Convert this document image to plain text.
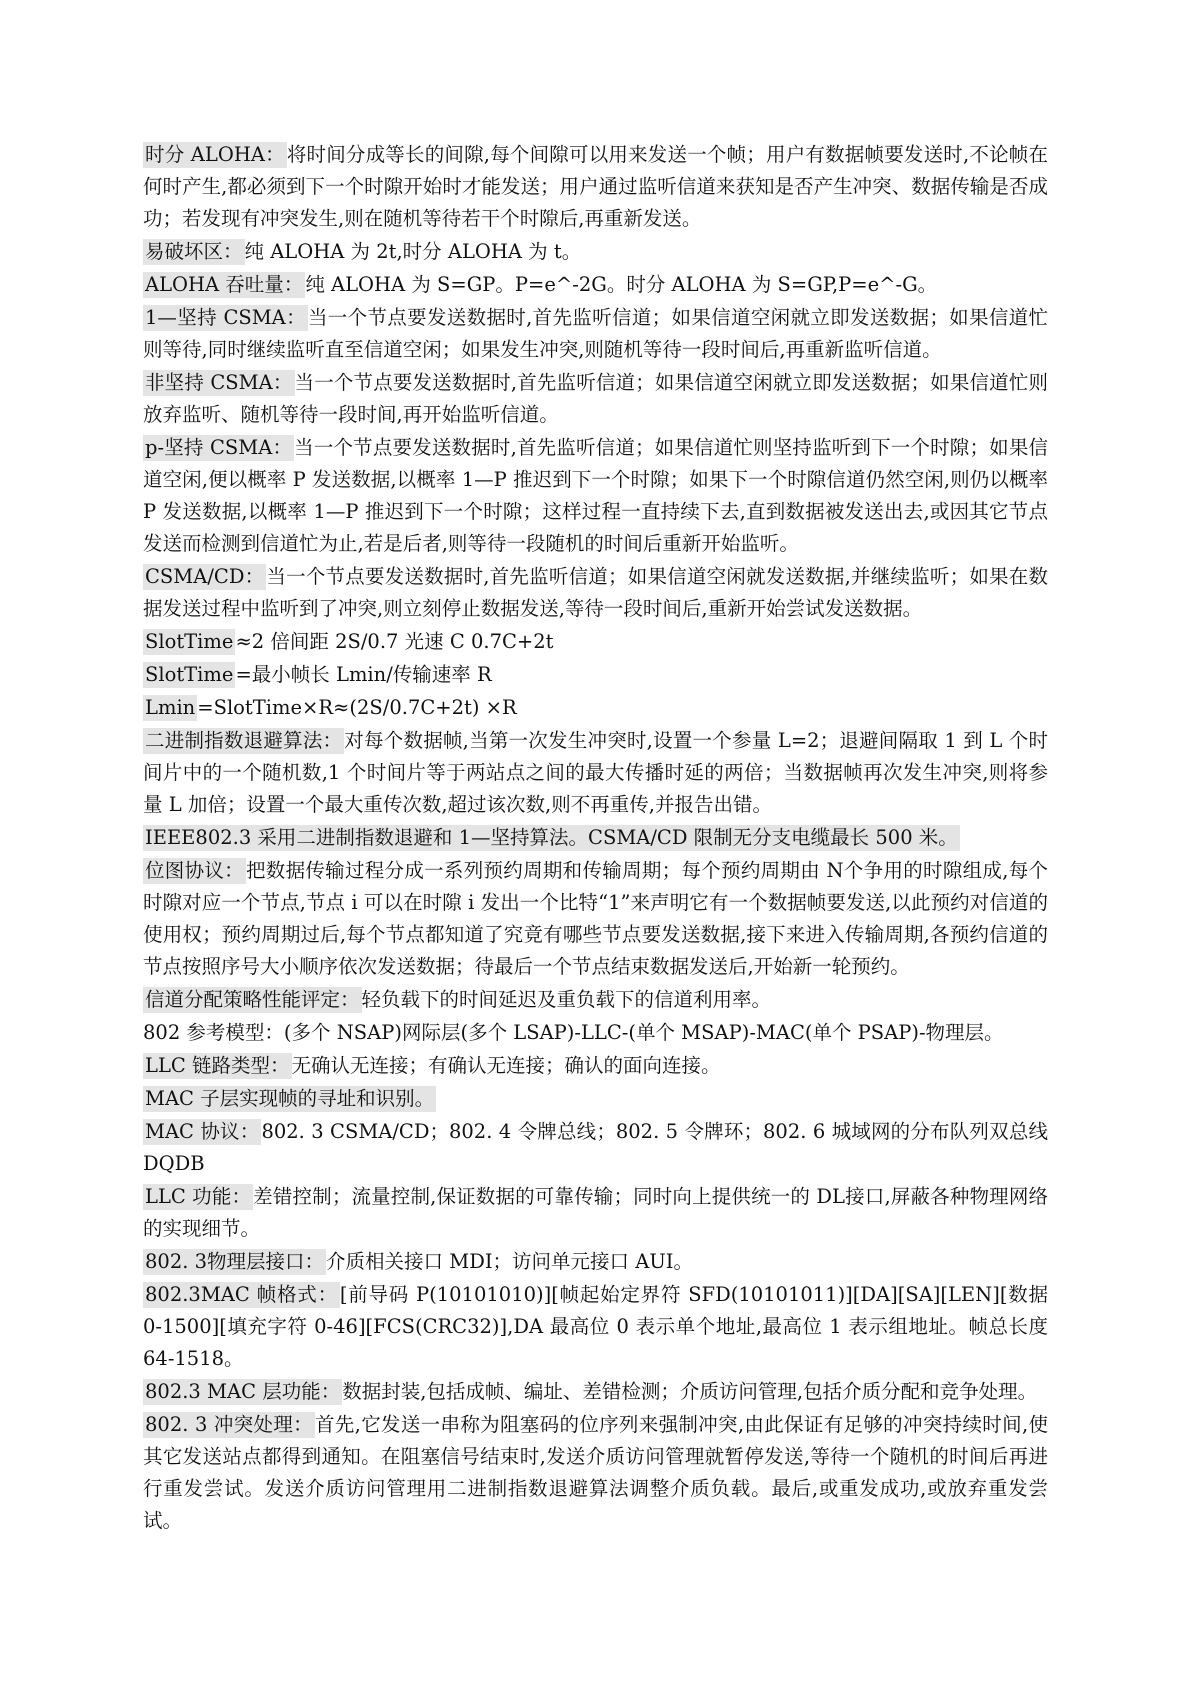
时分 ALOHA： 将时间分成等长的间隙,每个间隙可以用来发送一个帧；用户有数据帧要发送时,不论帧在何时产生,都必须到下一个时隙开始时才能发送；用户通过监听信道来获知是否产生冲突、数据传输是否成功；若发现有冲突发生,则在随机等待若干个时隙后,再重新发送。

易破坏区： 纯 ALOHA 为 2t,时分 ALOHA 为 t。

ALOHA 吞吐量： 纯 ALOHA 为 S=GP。P=e^-2G。时分 ALOHA 为 S=GP,P=e^-G。

1—坚持 CSMA： 当一个节点要发送数据时,首先监听信道；如果信道空闲就立即发送数据；如果信道忙则等待,同时继续监听直至信道空闲；如果发生冲突,则随机等待一段时间后,再重新监听信道。

非坚持 CSMA： 当一个节点要发送数据时,首先监听信道；如果信道空闲就立即发送数据；如果信道忙则放弃监听、随机等待一段时间,再开始监听信道。

p-坚持 CSMA： 当一个节点要发送数据时,首先监听信道；如果信道忙则坚持监听到下一个时隙；如果信道空闲,便以概率 P 发送数据,以概率 1—P 推迟到下一个时隙；如果下一个时隙信道仍然空闲,则仍以概率 P 发送数据,以概率 1—P 推迟到下一个时隙；这样过程一直持续下去,直到数据被发送出去,或因其它节点发送而检测到信道忙为止,若是后者,则等待一段随机的时间后重新开始监听。

CSMA/CD： 当一个节点要发送数据时,首先监听信道；如果信道空闲就发送数据,并继续监听；如果在数据发送过程中监听到了冲突,则立刻停止数据发送,等待一段时间后,重新开始尝试发送数据。

SlotTime ≈2 倍间距 2S/0.7 光速 C 0.7C+2t

SlotTime =最小帧长 Lmin/传输速率 R

Lmin =SlotTime×R≈(2S/0.7C+2t) ×R

二进制指数退避算法： 对每个数据帧,当第一次发生冲突时,设置一个参量 L=2；退避间隔取 1 到 L 个时间片中的一个随机数,1 个时间片等于两站点之间的最大传播时延的两倍；当数据帧再次发生冲突,则将参量 L 加倍；设置一个最大重传次数,超过该次数,则不再重传,并报告出错。

IEEE802.3 采用二进制指数退避和 1—坚持算法。CSMA/CD 限制无分支电缆最长 500 米。

位图协议： 把数据传输过程分成一系列预约周期和传输周期；每个预约周期由 N个争用的时隙组成,每个时隙对应一个节点,节点 i 可以在时隙 i 发出一个比特“1”来声明它有一个数据帧要发送,以此预约对信道的使用权；预约周期过后,每个节点都知道了究竟有哪些节点要发送数据,接下来进入传输周期,各预约信道的节点按照序号大小顺序依次发送数据；待最后一个节点结束数据发送后,开始新一轮预约。

信道分配策略性能评定： 轻负载下的时间延迟及重负载下的信道利用率。

802 参考模型：(多个 NSAP)网际层(多个 LSAP)-LLC-(单个 MSAP)-MAC(单个 PSAP)-物理层。

LLC 链路类型： 无确认无连接；有确认无连接；确认的面向连接。

MAC 子层实现帧的寻址和识别。

MAC 协议： 802. 3 CSMA/CD；802. 4 令牌总线；802. 5 令牌环；802. 6 城域网的分布队列双总线 DQDB

LLC 功能： 差错控制；流量控制,保证数据的可靠传输；同时向上提供统一的 DL接口,屏蔽各种物理网络的实现细节。

802. 3物理层接口： 介质相关接口 MDI；访问单元接口 AUI。

802.3MAC 帧格式： [前导码 P(10101010)][帧起始定界符 SFD(10101011)][DA][SA][LEN][数据 0-1500][填充字符 0-46][FCS(CRC32)],DA 最高位 0 表示单个地址,最高位 1 表示组地址。帧总长度 64-1518。

802.3 MAC 层功能： 数据封装,包括成帧、编址、差错检测；介质访问管理,包括介质分配和竞争处理。

802. 3 冲突处理： 首先,它发送一串称为阻塞码的位序列来强制冲突,由此保证有足够的冲突持续时间,使其它发送站点都得到通知。在阻塞信号结束时,发送介质访问管理就暂停发送,等待一个随机的时间后再进行重发尝试。发送介质访问管理用二进制指数退避算法调整介质负载。最后,或重发成功,或放弃重发尝试。
